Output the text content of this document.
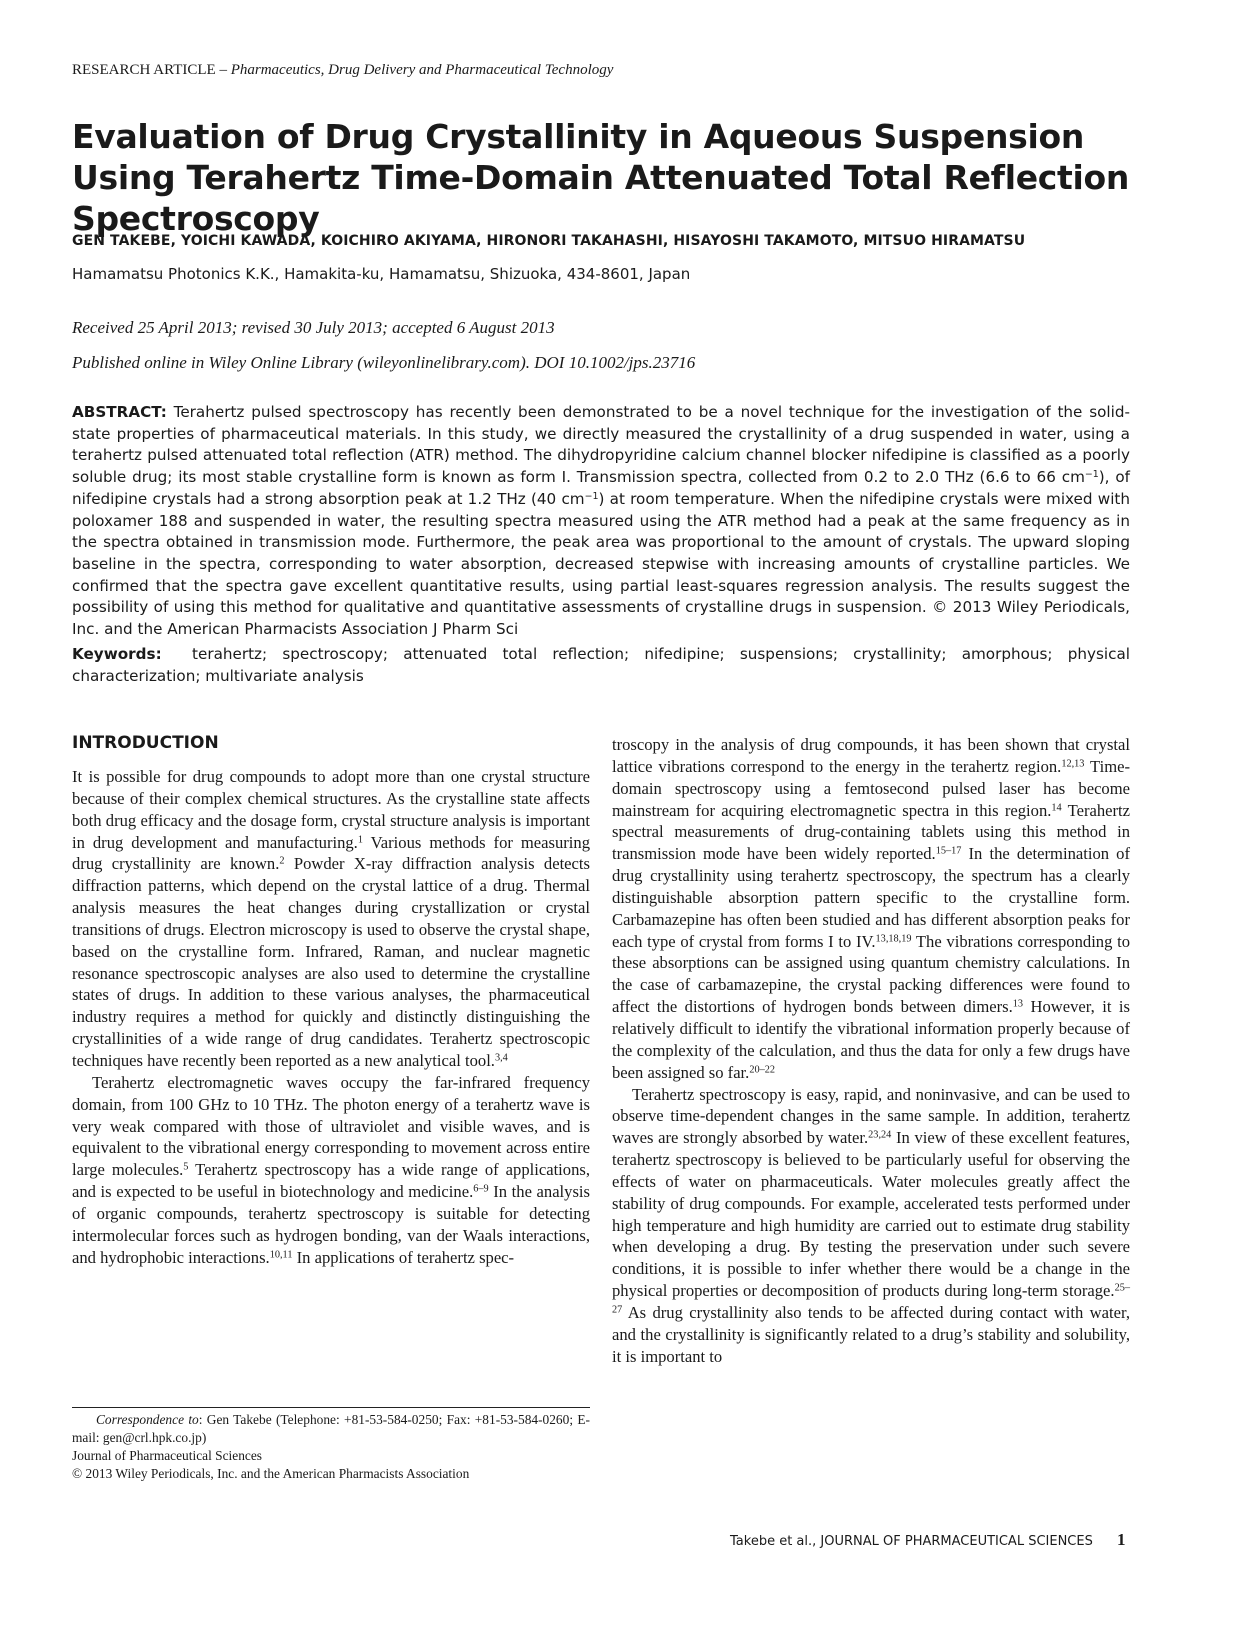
RESEARCH ARTICLE – Pharmaceutics, Drug Delivery and Pharmaceutical Technology
Evaluation of Drug Crystallinity in Aqueous Suspension Using Terahertz Time-Domain Attenuated Total Reflection Spectroscopy
GEN TAKEBE, YOICHI KAWADA, KOICHIRO AKIYAMA, HIRONORI TAKAHASHI, HISAYOSHI TAKAMOTO, MITSUO HIRAMATSU
Hamamatsu Photonics K.K., Hamakita-ku, Hamamatsu, Shizuoka, 434-8601, Japan
Received 25 April 2013; revised 30 July 2013; accepted 6 August 2013
Published online in Wiley Online Library (wileyonlinelibrary.com). DOI 10.1002/jps.23716
ABSTRACT: Terahertz pulsed spectroscopy has recently been demonstrated to be a novel technique for the investigation of the solid-state properties of pharmaceutical materials. In this study, we directly measured the crystallinity of a drug suspended in water, using a terahertz pulsed attenuated total reflection (ATR) method. The dihydropyridine calcium channel blocker nifedipine is classified as a poorly soluble drug; its most stable crystalline form is known as form I. Transmission spectra, collected from 0.2 to 2.0 THz (6.6 to 66 $cm^{-1}$), of nifedipine crystals had a strong absorption peak at 1.2 THz (40 $cm^{-1}$) at room temperature. When the nifedipine crystals were mixed with poloxamer 188 and suspended in water, the resulting spectra measured using the ATR method had a peak at the same frequency as in the spectra obtained in transmission mode. Furthermore, the peak area was proportional to the amount of crystals. The upward sloping baseline in the spectra, corresponding to water absorption, decreased stepwise with increasing amounts of crystalline particles. We confirmed that the spectra gave excellent quantitative results, using partial least-squares regression analysis. The results suggest the possibility of using this method for qualitative and quantitative assessments of crystalline drugs in suspension. © 2013 Wiley Periodicals, Inc. and the American Pharmacists Association J Pharm Sci
Keywords:  terahertz; spectroscopy; attenuated total reflection; nifedipine; suspensions; crystallinity; amorphous; physical characterization; multivariate analysis
INTRODUCTION

It is possible for drug compounds to adopt more than one crystal structure because of their complex chemical structures. As the crystalline state affects both drug efficacy and the dosage form, crystal structure analysis is important in drug development and manufacturing.$^1$ Various methods for measuring drug crystallinity are known.$^2$ Powder X-ray diffraction analysis detects diffraction patterns, which depend on the crystal lattice of a drug. Thermal analysis measures the heat changes during crystallization or crystal transitions of drugs. Electron microscopy is used to observe the crystal shape, based on the crystalline form. Infrared, Raman, and nuclear magnetic resonance spectroscopic analyses are also used to determine the crystalline states of drugs. In addition to these various analyses, the pharmaceutical industry requires a method for quickly and distinctly distinguishing the crystallinities of a wide range of drug candidates. Terahertz spectroscopic techniques have recently been reported as a new analytical tool.$^{3,4}$

Terahertz electromagnetic waves occupy the far-infrared frequency domain, from 100 GHz to 10 THz. The photon energy of a terahertz wave is very weak compared with those of ultraviolet and visible waves, and is equivalent to the vibrational energy corresponding to movement across entire large molecules.$^5$ Terahertz spectroscopy has a wide range of applications, and is expected to be useful in biotechnology and medicine.$^{6-9}$ In the analysis of organic compounds, terahertz spectroscopy is suitable for detecting intermolecular forces such as hydrogen bonding, van der Waals interactions, and hydrophobic interactions.$^{10,11}$ In applications of terahertz spec-

troscopy in the analysis of drug compounds, it has been shown that crystal lattice vibrations correspond to the energy in the terahertz region.$^{12,13}$ Time-domain spectroscopy using a femtosecond pulsed laser has become mainstream for acquiring electromagnetic spectra in this region.$^{14}$ Terahertz spectral measurements of drug-containing tablets using this method in transmission mode have been widely reported.$^{15-17}$ In the determination of drug crystallinity using terahertz spectroscopy, the spectrum has a clearly distinguishable absorption pattern specific to the crystalline form. Carbamazepine has often been studied and has different absorption peaks for each type of crystal from forms I to IV.$^{13,18,19}$ The vibrations corresponding to these absorptions can be assigned using quantum chemistry calculations. In the case of carbamazepine, the crystal packing differences were found to affect the distortions of hydrogen bonds between dimers.$^{13}$ However, it is relatively difficult to identify the vibrational information properly because of the complexity of the calculation, and thus the data for only a few drugs have been assigned so far.$^{20-22}$

Terahertz spectroscopy is easy, rapid, and noninvasive, and can be used to observe time-dependent changes in the same sample. In addition, terahertz waves are strongly absorbed by water.$^{23,24}$ In view of these excellent features, terahertz spectroscopy is believed to be particularly useful for observing the effects of water on pharmaceuticals. Water molecules greatly affect the stability of drug compounds. For example, accelerated tests performed under high temperature and high humidity are carried out to estimate drug stability when developing a drug. By testing the preservation under such severe conditions, it is possible to infer whether there would be a change in the physical properties or decomposition of products during long-term storage.$^{25-27}$ As drug crystallinity also tends to be affected during contact with water, and the crystallinity is significantly related to a drug’s stability and solubility, it is important to

Correspondence to: Gen Takebe (Telephone: +81-53-584-0250; Fax: +81-53-584-0260; E-mail: gen@crl.hpk.co.jp)
Journal of Pharmaceutical Sciences
© 2013 Wiley Periodicals, Inc. and the American Pharmacists Association
Takebe et al., JOURNAL OF PHARMACEUTICAL SCIENCES 1
